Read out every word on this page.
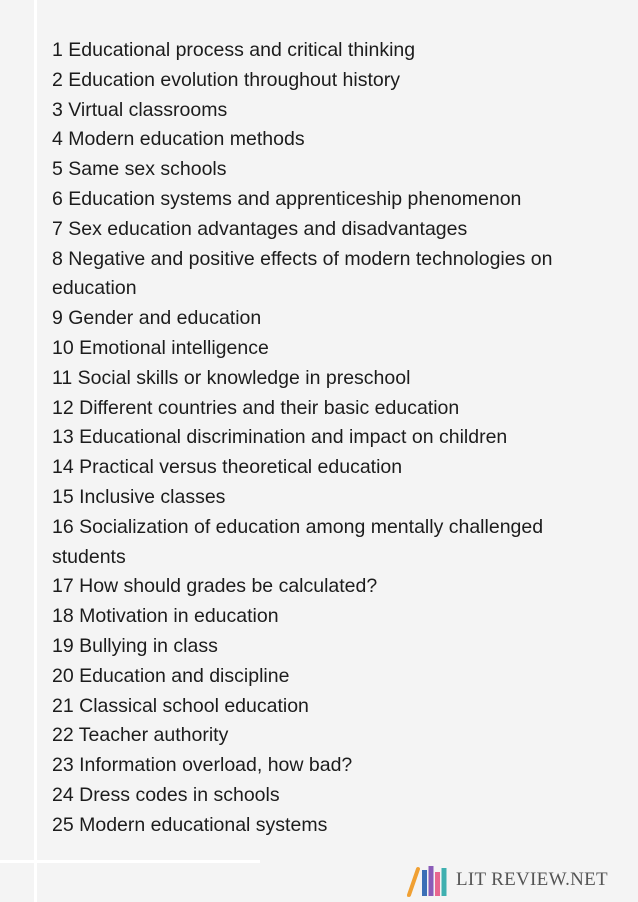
1 Educational process and critical thinking
2 Education evolution throughout history
3 Virtual classrooms
4 Modern education methods
5 Same sex schools
6 Education systems and apprenticeship phenomenon
7 Sex education advantages and disadvantages
8 Negative and positive effects of modern technologies on education
9 Gender and education
10 Emotional intelligence
11 Social skills or knowledge in preschool
12 Different countries and their basic education
13 Educational discrimination and impact on children
14 Practical versus theoretical education
15 Inclusive classes
16 Socialization of education among mentally challenged students
17 How should grades be calculated?
18 Motivation in education
19 Bullying in class
20 Education and discipline
21 Classical school education
22 Teacher authority
23 Information overload, how bad?
24 Dress codes in schools
25 Modern educational systems
LIT REVIEW.NET
